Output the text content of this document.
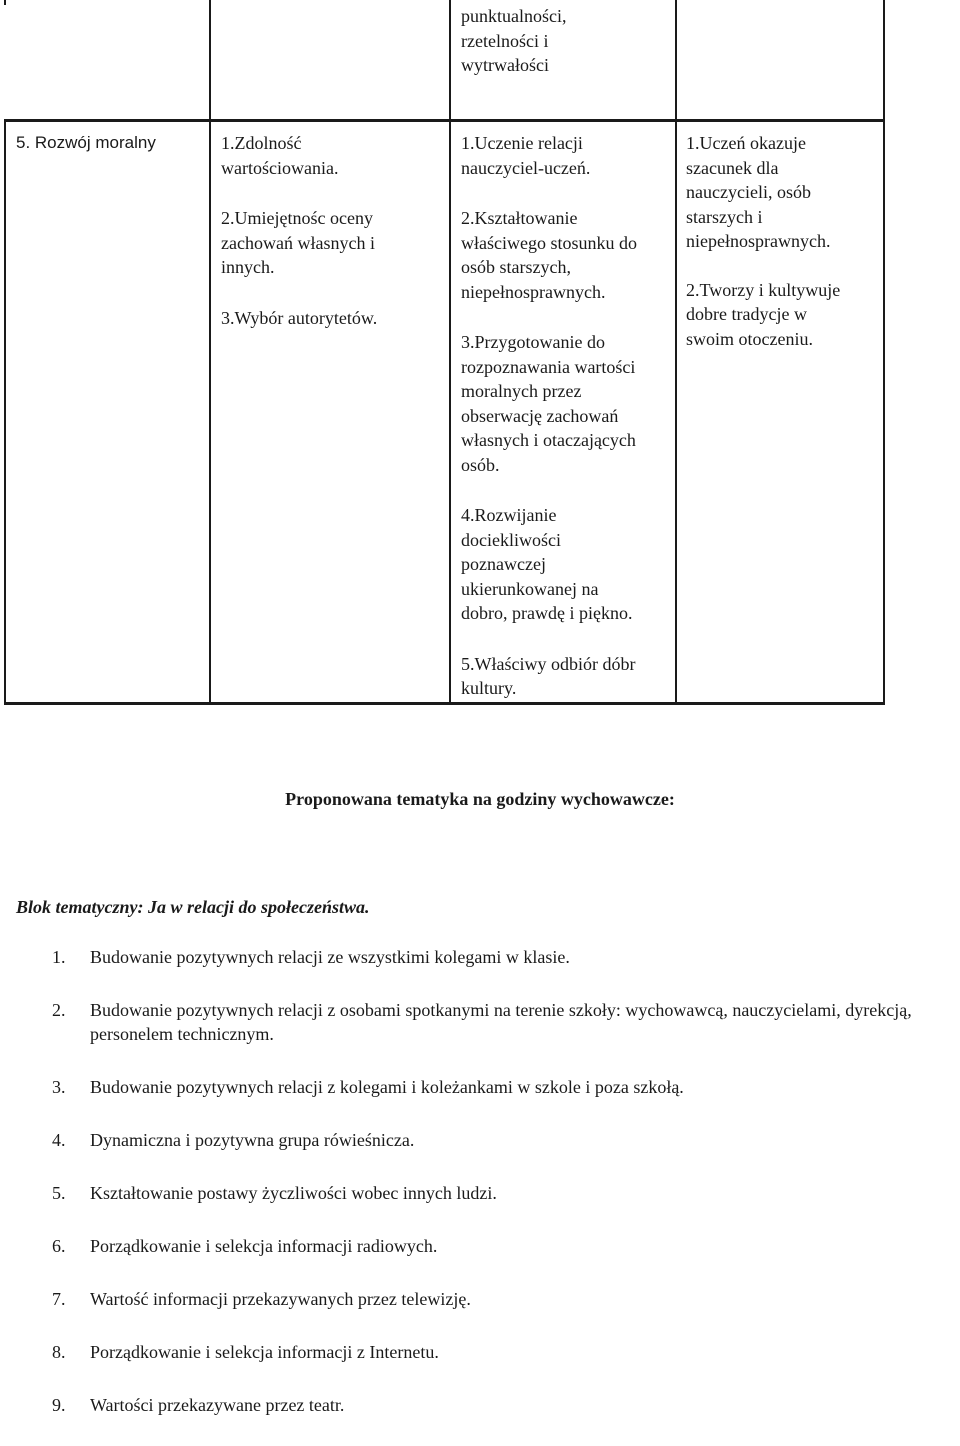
punktualności,
rzetelności i
wytrwałości

5. Rozwój moralny	1.Zdolność
wartościowania.

2.Umiejętnośc oceny
zachowań własnych i
innych.

3.Wybór autorytetów.

1.Uczenie relacji
nauczyciel-uczeń.

2.Kształtowanie
właściwego stosunku do
osób starszych,
niepełnosprawnych.

3.Przygotowanie do
rozpoznawania wartości
moralnych przez
obserwację zachowań
własnych i otaczających
osób.

4.Rozwijanie
dociekliwości
poznawczej
ukierunkowanej na
dobro, prawdę i piękno.

5.Właściwy odbiór dóbr
kultury.

1.Uczeń okazuje
szacunek dla
nauczycieli, osób
starszych i
niepełnosprawnych.

2.Tworzy i kultywuje
dobre tradycje w
swoim otoczeniu.

Proponowana tematyka na godziny wychowawcze:
Blok tematyczny: Ja w relacji do społeczeństwa.
1. Budowanie pozytywnych relacji ze wszystkimi kolegami w klasie.
2. Budowanie pozytywnych relacji z osobami spotkanymi na terenie szkoły: wychowawcą, nauczycielami, dyrekcją, personelem technicznym.
3. Budowanie pozytywnych relacji z kolegami i koleżankami w szkole i poza szkołą.
4. Dynamiczna i pozytywna grupa rówieśnicza.
5. Kształtowanie postawy życzliwości wobec innych ludzi.
6. Porządkowanie i selekcja informacji radiowych.
7. Wartość informacji przekazywanych przez telewizję.
8. Porządkowanie i selekcja informacji z Internetu.
9. Wartości przekazywane przez teatr.
